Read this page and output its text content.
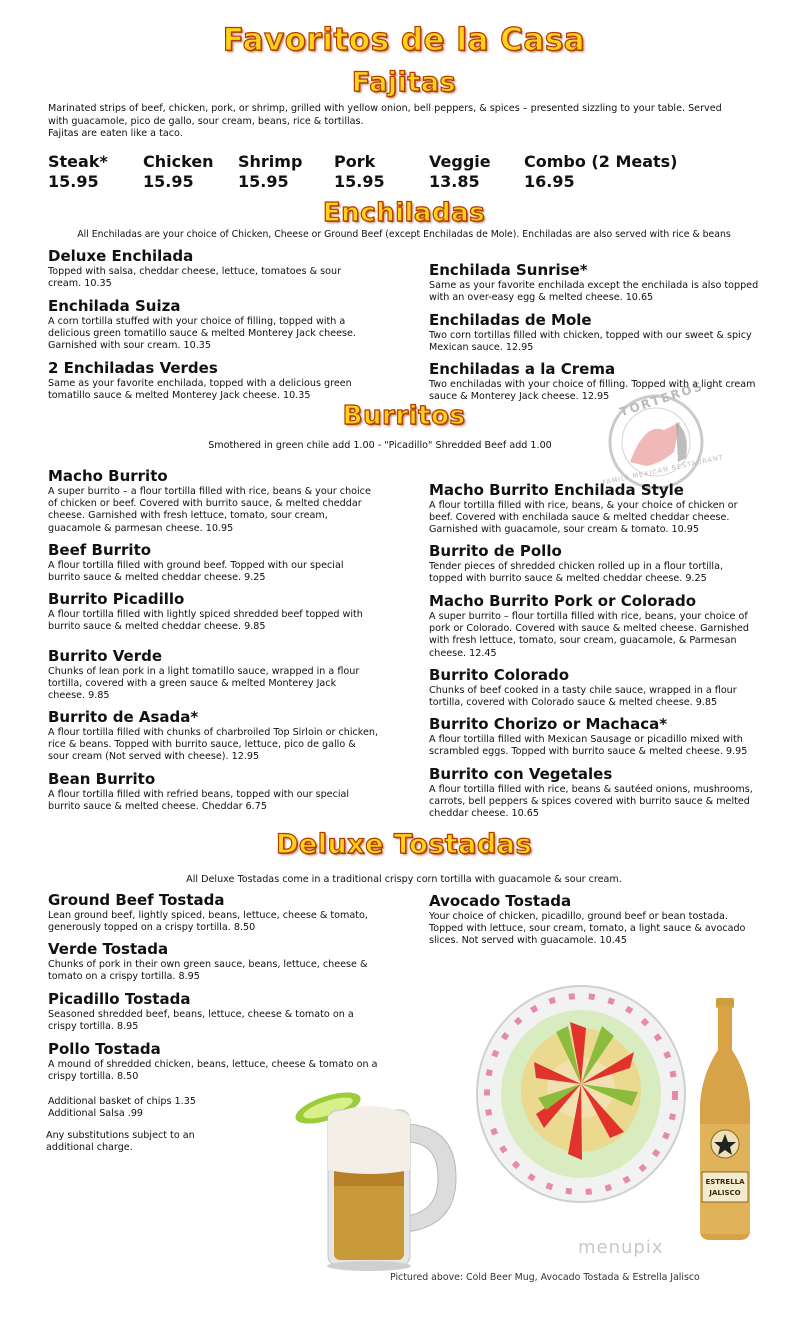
Favoritos de la Casa
Fajitas
Marinated strips of beef, chicken, pork, or shrimp, grilled with yellow onion, bell peppers, & spices – presented sizzling to your table. Served
with guacamole, pico de gallo, sour cream, beans, rice & tortillas.
Fajitas are eaten like a taco.
Steak*
15.95
Chicken
15.95
Shrimp
15.95
Pork
15.95
Veggie
13.85
Combo (2 Meats)
16.95
Enchiladas
All Enchiladas are your choice of Chicken, Cheese or Ground Beef (except Enchiladas de Mole). Enchiladas are also served with rice & beans
Deluxe Enchilada
Topped with salsa, cheddar cheese, lettuce, tomatoes & sour cream. 10.35
Enchilada Suiza
A corn tortilla stuffed with your choice of filling, topped with a delicious green tomatillo sauce & melted Monterey Jack cheese. Garnished with sour cream. 10.35
2 Enchiladas Verdes
Same as your favorite enchilada, topped with a delicious green tomatillo sauce & melted Monterey Jack cheese. 10.35
Enchilada Sunrise*
Same as your favorite enchilada except the enchilada is also topped with an over-easy egg & melted cheese. 10.65
Enchiladas de Mole
Two corn tortillas filled with chicken, topped with our sweet & spicy Mexican sauce. 12.95
Enchiladas a la Crema
Two enchiladas with your choice of filling. Topped with a light cream sauce & Monterey Jack cheese. 12.95 TORTEROS
FAMILY MEXICAN RESTAURANT
Burritos
Smothered in green chile add 1.00 - "Picadillo" Shredded Beef add 1.00
Macho Burrito
A super burrito – a flour tortilla filled with rice, beans & your choice of chicken or beef. Covered with burrito sauce, & melted cheddar cheese. Garnished with fresh lettuce, tomato, sour cream, guacamole & parmesan cheese. 10.95
Beef Burrito
A flour tortilla filled with ground beef. Topped with our special burrito sauce & melted cheddar cheese. 9.25
Burrito Picadillo
A flour tortilla filled with lightly spiced shredded beef topped with burrito sauce & melted cheddar cheese. 9.85
Burrito Verde
Chunks of lean pork in a light tomatillo sauce, wrapped in a flour tortilla, covered with a green sauce & melted Monterey Jack cheese. 9.85
Burrito de Asada*
A flour tortilla filled with chunks of charbroiled Top Sirloin or chicken, rice & beans. Topped with burrito sauce, lettuce, pico de gallo & sour cream (Not served with cheese). 12.95
Bean Burrito
A flour tortilla filled with refried beans, topped with our special burrito sauce & melted cheese. Cheddar 6.75
Macho Burrito Enchilada Style
A flour tortilla filled with rice, beans, & your choice of chicken or beef. Covered with enchilada sauce & melted cheddar cheese. Garnished with guacamole, sour cream & tomato. 10.95
Burrito de Pollo
Tender pieces of shredded chicken rolled up in a flour tortilla, topped with burrito sauce & melted cheddar cheese. 9.25
Macho Burrito Pork or Colorado
A super burrito – flour tortilla filled with rice, beans, your choice of pork or Colorado. Covered with sauce & melted cheese. Garnished with fresh lettuce, tomato, sour cream, guacamole, & Parmesan cheese. 12.45
Burrito Colorado
Chunks of beef cooked in a tasty chile sauce, wrapped in a flour tortilla, covered with Colorado sauce & melted cheese. 9.85
Burrito Chorizo or Machaca*
A flour tortilla filled with Mexican Sausage or picadillo mixed with scrambled eggs. Topped with burrito sauce & melted cheese. 9.95
Burrito con Vegetales
A flour tortilla filled with rice, beans & sautéed onions, mushrooms, carrots, bell peppers & spices covered with burrito sauce & melted cheddar cheese. 10.65
Deluxe Tostadas
All Deluxe Tostadas come in a traditional crispy corn tortilla with guacamole & sour cream.
Ground Beef Tostada
Lean ground beef, lightly spiced, beans, lettuce, cheese & tomato, generously topped on a crispy tortilla. 8.50
Verde Tostada
Chunks of pork in their own green sauce, beans, lettuce, cheese & tomato on a crispy tortilla. 8.95
Picadillo Tostada
Seasoned shredded beef, beans, lettuce, cheese & tomato on a crispy tortilla. 8.95
Pollo Tostada
A mound of shredded chicken, beans, lettuce, cheese & tomato on a crispy tortilla. 8.50
Avocado Tostada
Your choice of chicken, picadillo, ground beef or bean tostada. Topped with lettuce, sour cream, tomato, a light sauce & avocado slices. Not served with guacamole. 10.45
Additional basket of chips 1.35
Additional Salsa .99
Any substitutions subject to an additional charge.
ESTRELLA
JALISCO
menupix
Pictured above: Cold Beer Mug, Avocado Tostada & Estrella Jalisco
